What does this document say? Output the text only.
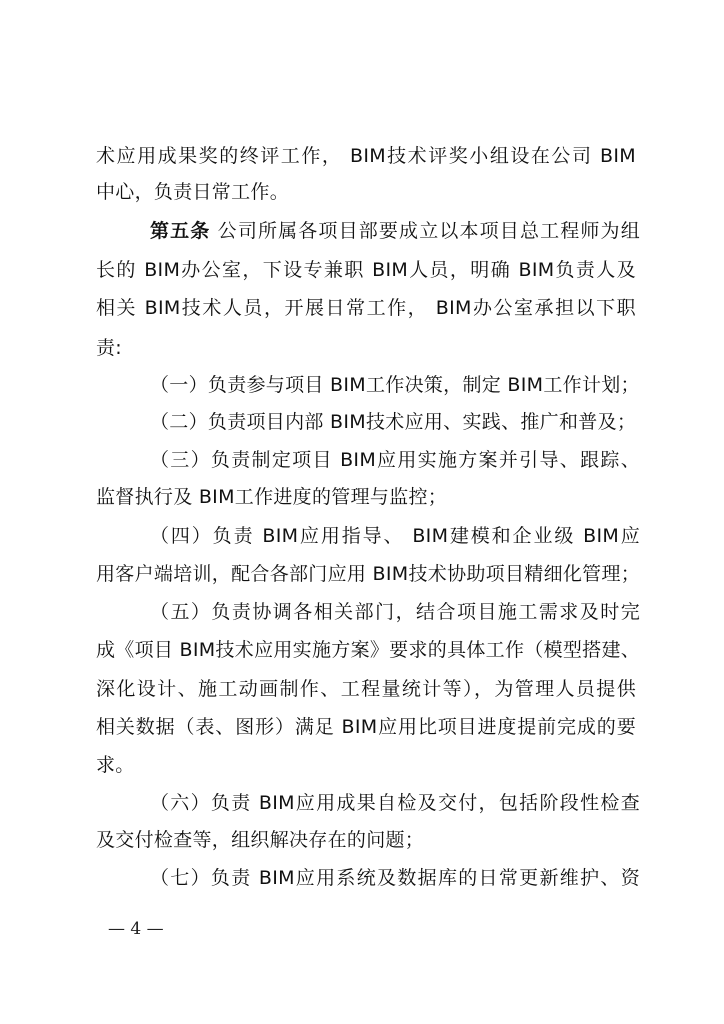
术应用成果奖的终评工作， BIM技术评奖小组设在公司 BIM
中心，负责日常工作。
第五条 公司所属各项目部要成立以本项目总工程师为组
长的 BIM办公室，下设专兼职 BIM人员，明确 BIM负责人及
相关 BIM技术人员，开展日常工作， BIM办公室承担以下职
责:
（一）负责参与项目 BIM工作决策，制定 BIM工作计划；
（二）负责项目内部 BIM技术应用、实践、推广和普及；
（三）负责制定项目 BIM应用实施方案并引导、跟踪、
监督执行及 BIM工作进度的管理与监控；
（四）负责 BIM应用指导、 BIM建模和企业级 BIM应
用客户端培训，配合各部门应用 BIM技术协助项目精细化管理；
（五）负责协调各相关部门，结合项目施工需求及时完
成《项目 BIM技术应用实施方案》要求的具体工作（模型搭建、
深化设计、施工动画制作、工程量统计等），为管理人员提供
相关数据（表、图形）满足 BIM应用比项目进度提前完成的要
求。
（六）负责 BIM应用成果自检及交付，包括阶段性检查
及交付检查等，组织解决存在的问题；
（七）负责 BIM应用系统及数据库的日常更新维护、资
— 4 —
